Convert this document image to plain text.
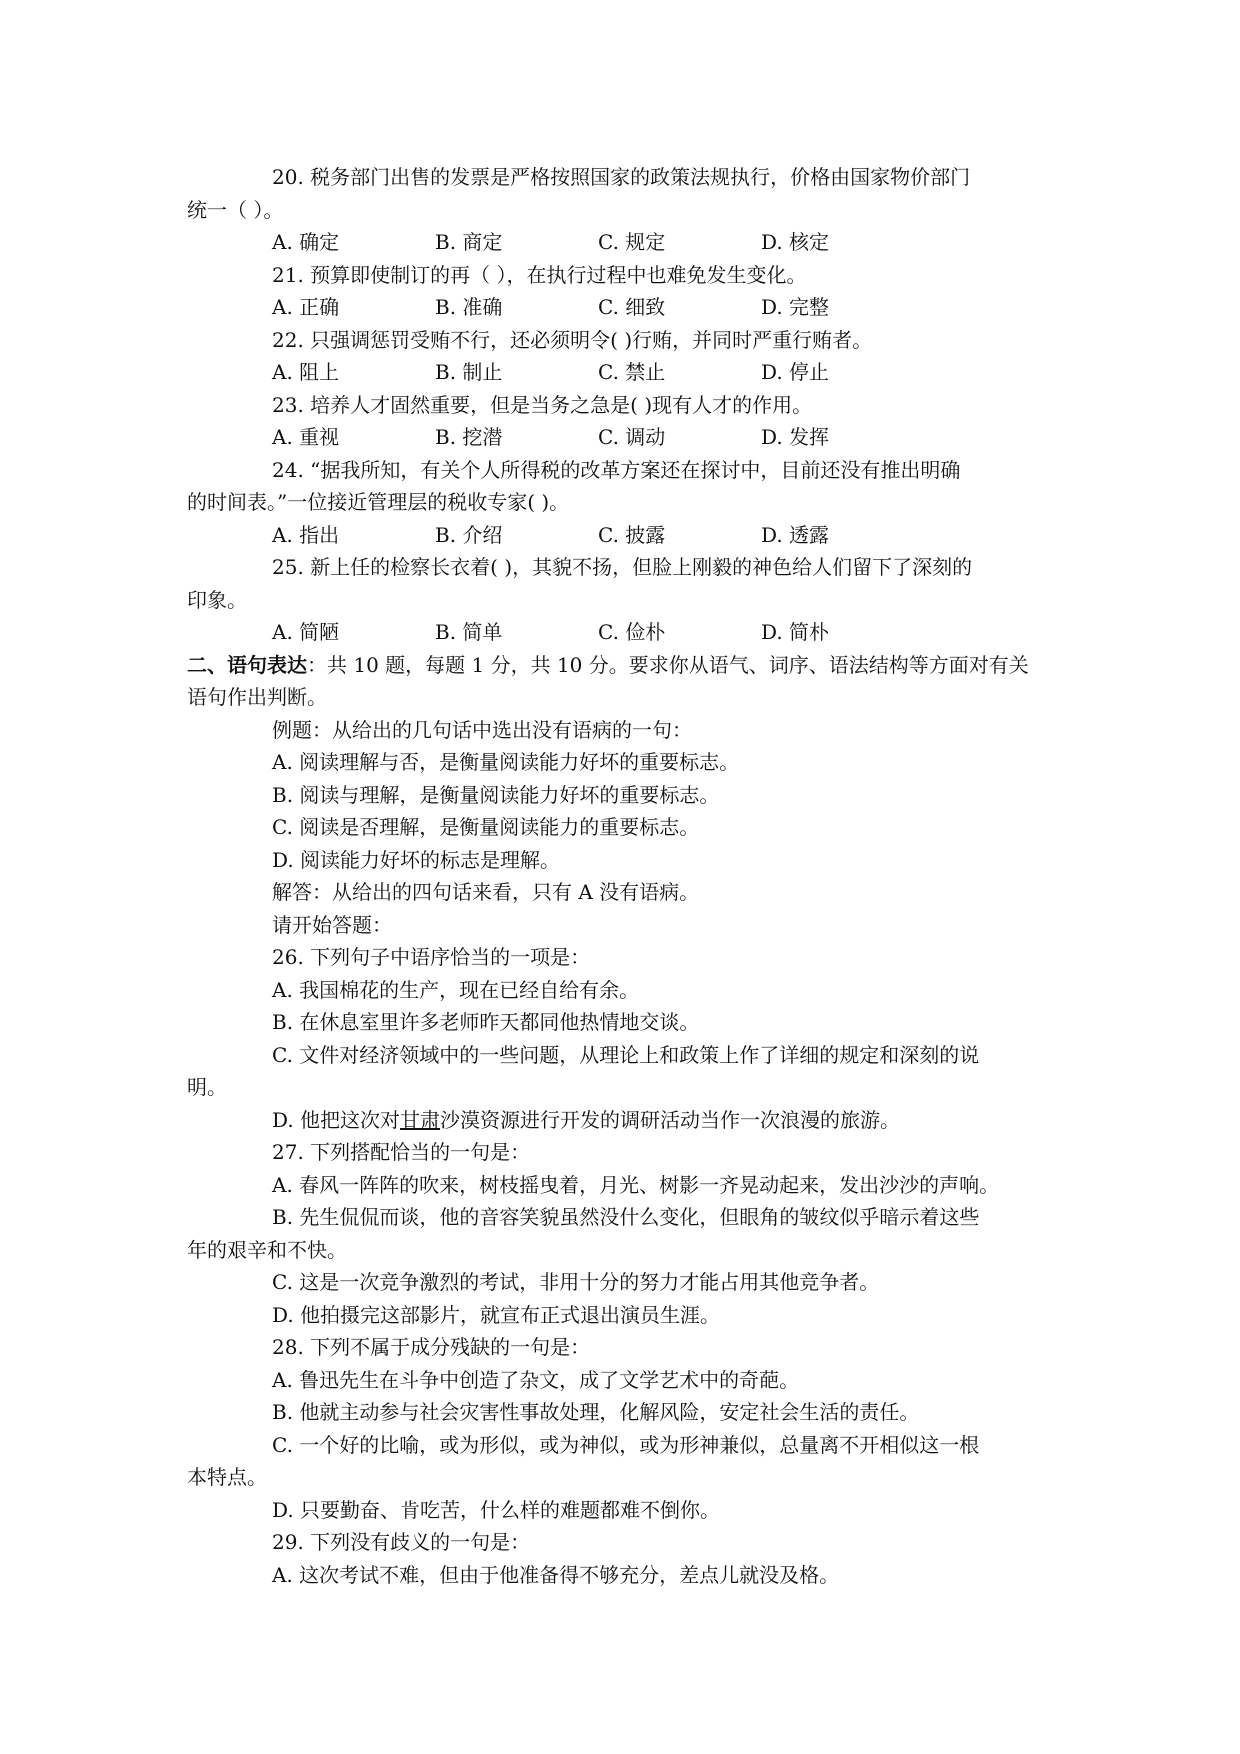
20. 税务部门出售的发票是严格按照国家的政策法规执行，价格由国家物价部门
统一（ ）。
A. 确定	B. 商定	C. 规定	D. 核定
21. 预算即使制订的再（ ），在执行过程中也难免发生变化。
A. 正确	B. 准确	C. 细致	D. 完整
22. 只强调惩罚受贿不行，还必须明令( )行贿，并同时严重行贿者。
A. 阻上	B. 制止	C. 禁止	D. 停止
23. 培养人才固然重要，但是当务之急是( )现有人才的作用。
A. 重视	B. 挖潜	C. 调动	D. 发挥
24. “据我所知，有关个人所得税的改革方案还在探讨中，目前还没有推出明确
的时间表。”一位接近管理层的税收专家( )。
A. 指出	B. 介绍	C. 披露	D. 透露
25. 新上任的检察长衣着( )，其貌不扬，但脸上刚毅的神色给人们留下了深刻的
印象。
A. 简陋	B. 简单	C. 俭朴	D. 简朴
二、语句表达：共 10 题，每题 1 分，共 10 分。要求你从语气、词序、语法结构等方面对有关
语句作出判断。
例题：从给出的几句话中选出没有语病的一句：
A. 阅读理解与否，是衡量阅读能力好坏的重要标志。
B. 阅读与理解，是衡量阅读能力好坏的重要标志。
C. 阅读是否理解，是衡量阅读能力的重要标志。
D. 阅读能力好坏的标志是理解。
解答：从给出的四句话来看，只有 A 没有语病。
请开始答题：
26. 下列句子中语序恰当的一项是：
A. 我国棉花的生产，现在已经自给有余。
B. 在休息室里许多老师昨天都同他热情地交谈。
C. 文件对经济领域中的一些问题，从理论上和政策上作了详细的规定和深刻的说
明。
D. 他把这次对甘肃沙漠资源进行开发的调研活动当作一次浪漫的旅游。
27. 下列搭配恰当的一句是：
A. 春风一阵阵的吹来，树枝摇曳着，月光、树影一齐晃动起来，发出沙沙的声响。
B. 先生侃侃而谈，他的音容笑貌虽然没什么变化，但眼角的皱纹似乎暗示着这些
年的艰辛和不快。
C. 这是一次竞争激烈的考试，非用十分的努力才能占用其他竞争者。
D. 他拍摄完这部影片，就宣布正式退出演员生涯。
28. 下列不属于成分残缺的一句是：
A. 鲁迅先生在斗争中创造了杂文，成了文学艺术中的奇葩。
B. 他就主动参与社会灾害性事故处理，化解风险，安定社会生活的责任。
C. 一个好的比喻，或为形似，或为神似，或为形神兼似，总量离不开相似这一根
本特点。
D. 只要勤奋、肯吃苦，什么样的难题都难不倒你。
29. 下列没有歧义的一句是：
A. 这次考试不难，但由于他准备得不够充分，差点儿就没及格。
